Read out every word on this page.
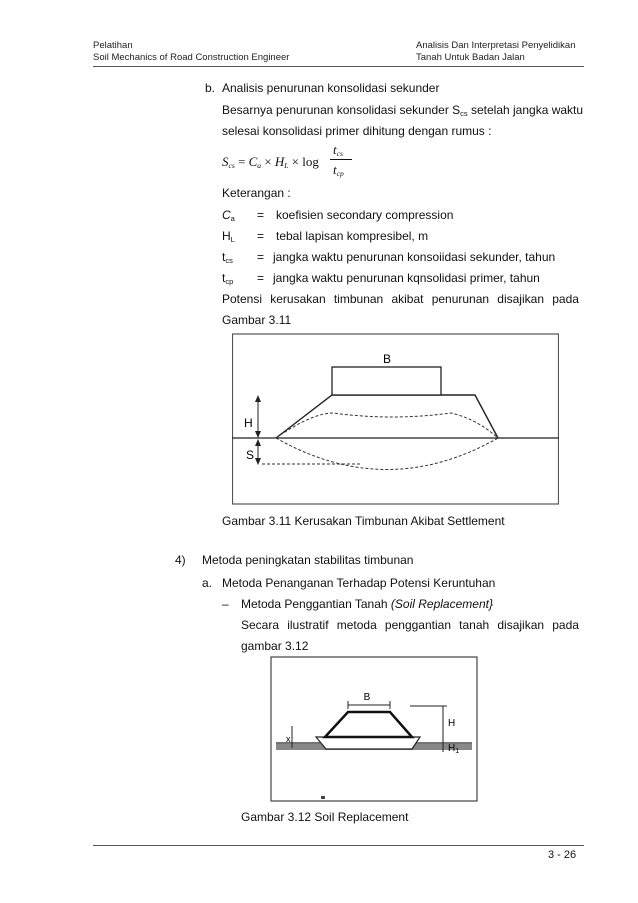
Pelatihan
Soil Mechanics of Road Construction Engineer
Analisis Dan Interpretasi Penyelidikan
Tanah Untuk Badan Jalan
b. Analisis penurunan konsolidasi sekunder
Besarnya penurunan konsolidasi sekunder $S_{cs}$ setelah jangka waktu
selesai konsolidasi primer dihitung dengan rumus :
$S_{cs} = C_a \times H_L \times \log$
$t_{cs}$
$t_{cp}$
Keterangan :
$C_a$ = koefisien secondary compression
$H_L$ = tebal lapisan kompresibel, m
$t_{cs}$ = jangka waktu penurunan konsoiidasi sekunder, tahun
$t_{cp}$ = jangka waktu penurunan kqnsolidasi primer, tahun
Potensi kerusakan timbunan akibat penurunan disajikan pada
Gambar 3.11
B
H
S
Gambar 3.11 Kerusakan Timbunan Akibat Settlement
4) Metoda peningkatan stabilitas timbunan
a. Metoda Penanganan Terhadap Potensi Keruntuhan
– Metoda Penggantian Tanah (Soil Replacement}
Secara ilustratif metoda penggantian tanah disajikan pada
gambar 3.12
B
H
$H_1$
x
Gambar 3.12 Soil Replacement
3 - 26
